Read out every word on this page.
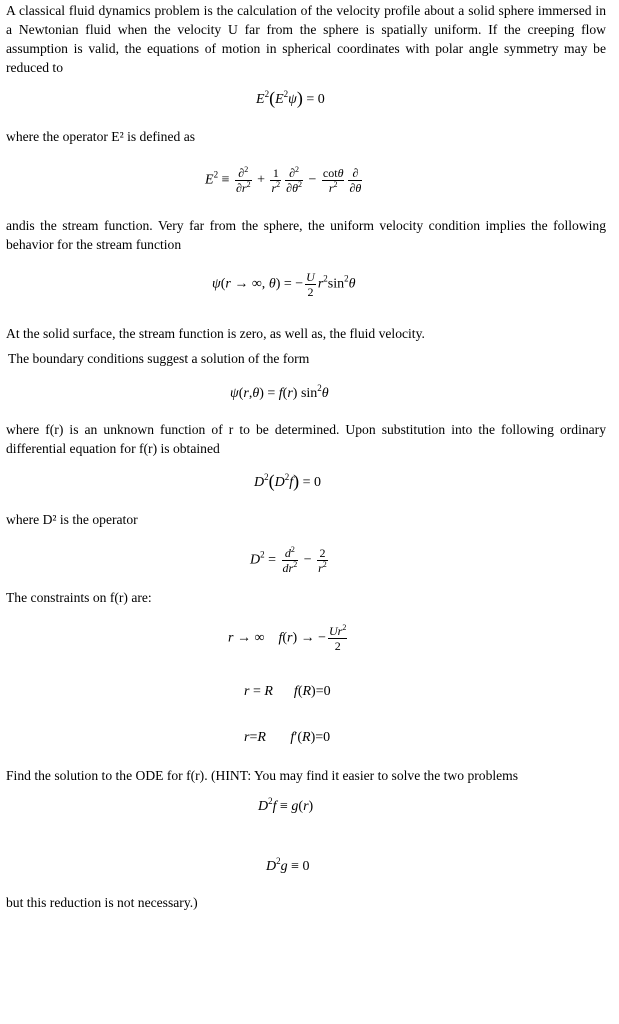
A classical fluid dynamics problem is the calculation of the velocity profile about a solid sphere immersed in a Newtonian fluid when the velocity U far from the sphere is spatially uniform. If the creeping flow assumption is valid, the equations of motion in spherical coordinates with polar angle symmetry may be reduced to
$E^2(E^2\psi) = 0$
where the operator E² is defined as
$E^2 \equiv \frac{\partial^2}{\partial r^2} + \frac{1}{r^2} \frac{\partial^2}{\partial\theta^2} - \frac{\cot\theta}{r^2} \frac{\partial}{\partial\theta}$
andis the stream function. Very far from the sphere, the uniform velocity condition implies the following behavior for the stream function
ψ(r → ∞, θ) = − $\frac{U}{2} r^2\sin^2\theta$
At the solid surface, the stream function is zero, as well as, the fluid velocity.
The boundary conditions suggest a solution of the form
ψ(r,θ) = f(r) $\sin^2\theta$
where f(r) is an unknown function of r to be determined. Upon substitution into the following ordinary differential equation for f(r) is obtained
$D^2(D^2f) = 0$
where D² is the operator
$D^2 = \frac{d^2}{dr^2} - \frac{2}{r^2}$
The constraints on f(r) are:
r → ∞    f(r) → − $\frac{Ur^2}{2}$
r = R f(R)=0
r=R f′(R)=0
Find the solution to the ODE for f(r). (HINT: You may find it easier to solve the two problems
$D^2f \equiv g(r)$
$D^2g \equiv 0$
but this reduction is not necessary.)
